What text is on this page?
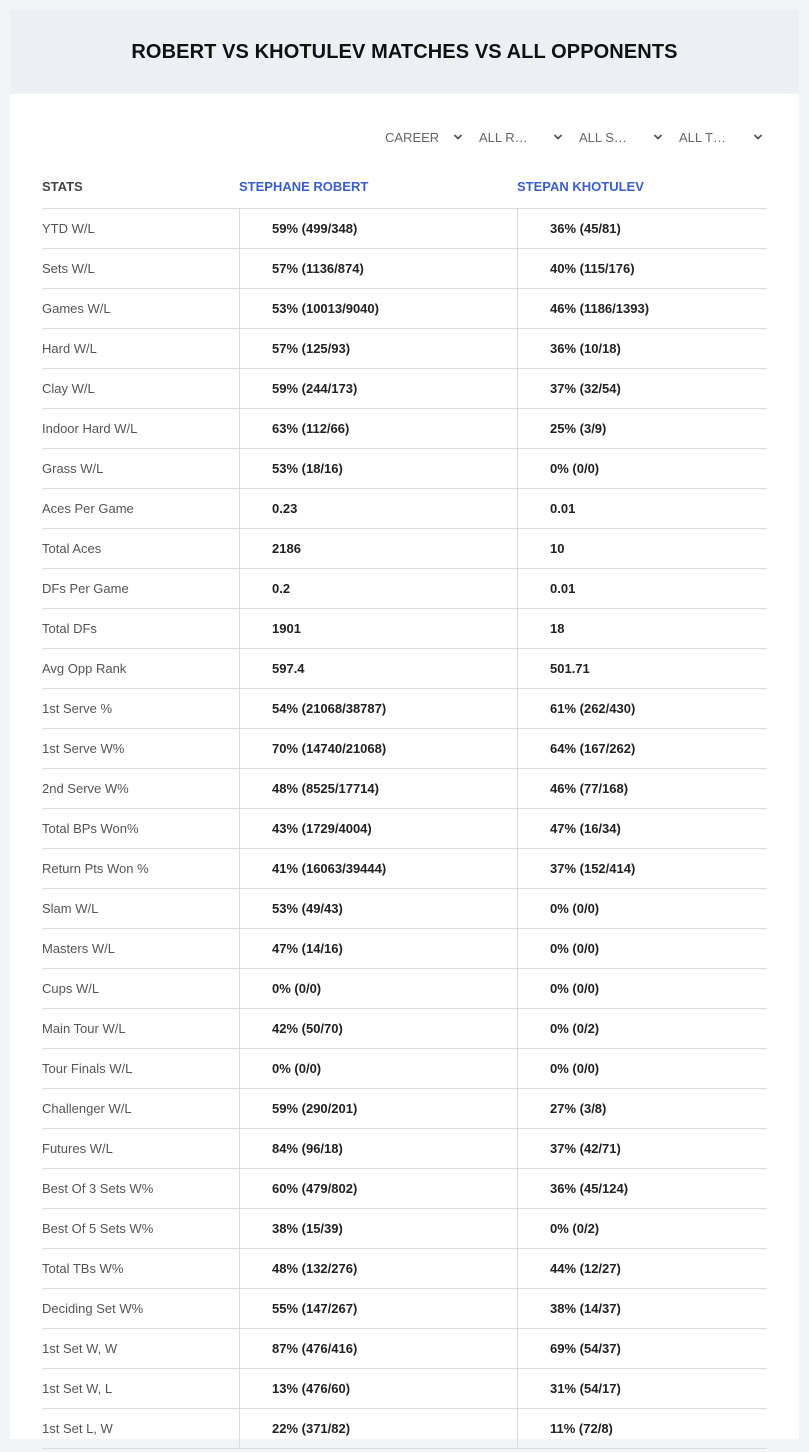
ROBERT VS KHOTULEV MATCHES VS ALL OPPONENTS
CAREER	ALL R…	ALL S…	ALL T…
STATS	STEPHANE ROBERT	STEPAN KHOTULEV
YTD W/L	59% (499/348)	36% (45/81)
Sets W/L	57% (1136/874)	40% (115/176)
Games W/L	53% (10013/9040)	46% (1186/1393)
Hard W/L	57% (125/93)	36% (10/18)
Clay W/L	59% (244/173)	37% (32/54)
Indoor Hard W/L	63% (112/66)	25% (3/9)
Grass W/L	53% (18/16)	0% (0/0)
Aces Per Game	0.23	0.01
Total Aces	2186	10
DFs Per Game	0.2	0.01
Total DFs	1901	18
Avg Opp Rank	597.4	501.71
1st Serve %	54% (21068/38787)	61% (262/430)
1st Serve W%	70% (14740/21068)	64% (167/262)
2nd Serve W%	48% (8525/17714)	46% (77/168)
Total BPs Won%	43% (1729/4004)	47% (16/34)
Return Pts Won %	41% (16063/39444)	37% (152/414)
Slam W/L	53% (49/43)	0% (0/0)
Masters W/L	47% (14/16)	0% (0/0)
Cups W/L	0% (0/0)	0% (0/0)
Main Tour W/L	42% (50/70)	0% (0/2)
Tour Finals W/L	0% (0/0)	0% (0/0)
Challenger W/L	59% (290/201)	27% (3/8)
Futures W/L	84% (96/18)	37% (42/71)
Best Of 3 Sets W%	60% (479/802)	36% (45/124)
Best Of 5 Sets W%	38% (15/39)	0% (0/2)
Total TBs W%	48% (132/276)	44% (12/27)
Deciding Set W%	55% (147/267)	38% (14/37)
1st Set W, W	87% (476/416)	69% (54/37)
1st Set W, L	13% (476/60)	31% (54/17)
1st Set L, W	22% (371/82)	11% (72/8)
